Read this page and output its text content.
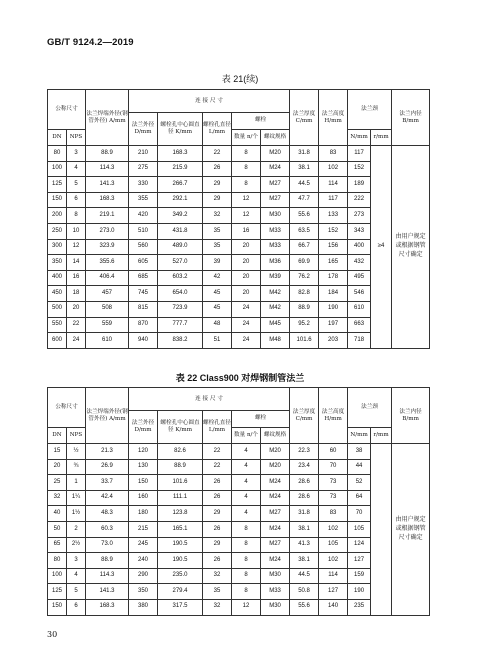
GB/T 9124.2—2019
表 21(续)
公称尺寸		法兰焊端外径(钢管外径) A/mm	连 接 尺 寸					法兰厚度 C/mm	法兰高度 H/mm	法兰颈		法兰内径 B/mm
			法兰外径 D/mm	螺栓孔中心圆直径 K/mm	螺栓孔直径 L/mm	螺栓						
DN	NPS					数量 n/个	螺纹规格			N/mm	r/mm	
80	3	88.9	210	168.3	22	8	M20	31.8	83	117	≥4	由用户规定或根据钢管尺寸确定
100	4	114.3	275	215.9	26	8	M24	38.1	102	152		
125	5	141.3	330	266.7	29	8	M27	44.5	114	189		
150	6	168.3	355	292.1	29	12	M27	47.7	117	222		
200	8	219.1	420	349.2	32	12	M30	55.6	133	273		
250	10	273.0	510	431.8	35	16	M33	63.5	152	343		
300	12	323.9	560	489.0	35	20	M33	66.7	156	400		
350	14	355.6	605	527.0	39	20	M36	69.9	165	432		
400	16	406.4	685	603.2	42	20	M39	76.2	178	495		
450	18	457	745	654.0	45	20	M42	82.8	184	546		
500	20	508	815	723.9	45	24	M42	88.9	190	610		
550	22	559	870	777.7	48	24	M45	95.2	197	663		
600	24	610	940	838.2	51	24	M48	101.6	203	718		
表 22 Class900 对焊钢制管法兰
公称尺寸		法兰焊端外径(钢管外径) A/mm	连 接 尺 寸					法兰厚度 C/mm	法兰高度 H/mm	法兰颈		法兰内径 B/mm
			法兰外径 D/mm	螺栓孔中心圆直径 K/mm	螺栓孔直径 L/mm	螺栓						
DN	NPS					数量 n/个	螺纹规格			N/mm	r/mm	
15	½	21.3	120	82.6	22	4	M20	22.3	60	38		由用户规定或根据钢管尺寸确定
20	¾	26.9	130	88.9	22	4	M20	23.4	70	44		
25	1	33.7	150	101.6	26	4	M24	28.6	73	52		
32	1¼	42.4	160	111.1	26	4	M24	28.6	73	64		
40	1½	48.3	180	123.8	29	4	M27	31.8	83	70		
50	2	60.3	215	165.1	26	8	M24	38.1	102	105		
65	2½	73.0	245	190.5	29	8	M27	41.3	105	124		
80	3	88.9	240	190.5	26	8	M24	38.1	102	127		
100	4	114.3	290	235.0	32	8	M30	44.5	114	159		
125	5	141.3	350	279.4	35	8	M33	50.8	127	190		
150	6	168.3	380	317.5	32	12	M30	55.6	140	235		
30
